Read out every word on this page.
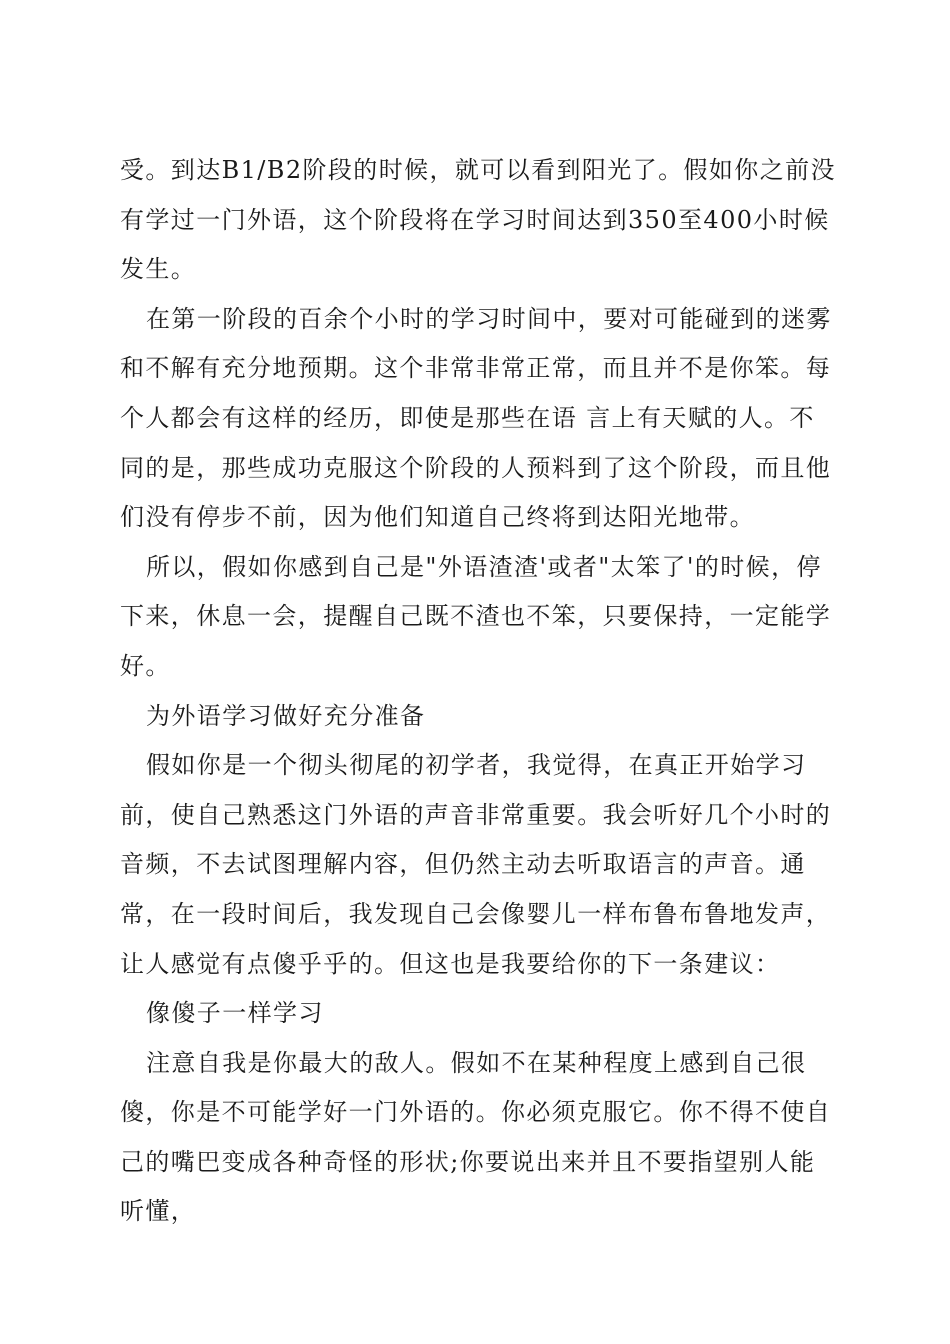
受。到达B1/B2阶段的时候，就可以看到阳光了。假如你之前没有学过一门外语，这个阶段将在学习时间达到350至400小时候发生。

在第一阶段的百余个小时的学习时间中，要对可能碰到的迷雾和不解有充分地预期。这个非常非常正常，而且并不是你笨。每个人都会有这样的经历，即使是那些在语 言上有天赋的人。不同的是，那些成功克服这个阶段的人预料到了这个阶段，而且他们没有停步不前，因为他们知道自己终将到达阳光地带。

所以，假如你感到自己是"外语渣渣'或者"太笨了'的时候，停下来，休息一会，提醒自己既不渣也不笨，只要保持，一定能学好。

为外语学习做好充分准备

假如你是一个彻头彻尾的初学者，我觉得，在真正开始学习前，使自己熟悉这门外语的声音非常重要。我会听好几个小时的音频，不去试图理解内容，但仍然主动去听取语言的声音。通常，在一段时间后，我发现自己会像婴儿一样布鲁布鲁地发声，让人感觉有点傻乎乎的。但这也是我要给你的下一条建议：

像傻子一样学习

注意自我是你最大的敌人。假如不在某种程度上感到自己很傻，你是不可能学好一门外语的。你必须克服它。你不得不使自己的嘴巴变成各种奇怪的形状;你要说出来并且不要指望别人能听懂，
